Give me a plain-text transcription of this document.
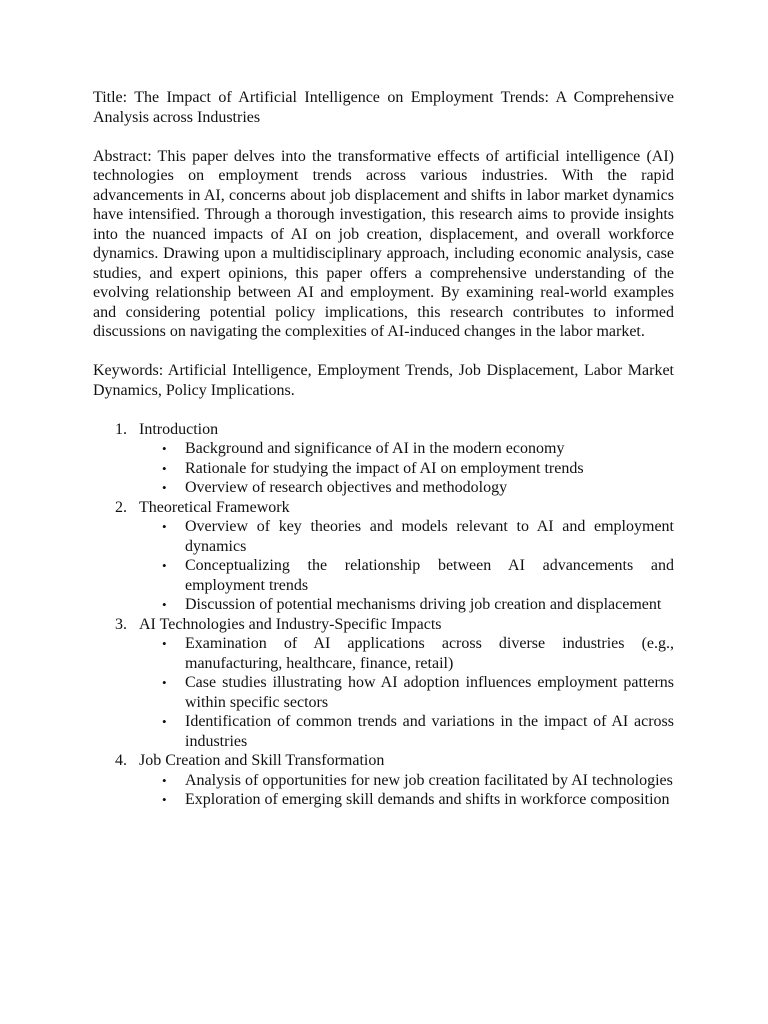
Title: The Impact of Artificial Intelligence on Employment Trends: A Comprehensive Analysis across Industries

Abstract: This paper delves into the transformative effects of artificial intelligence (AI) technologies on employment trends across various industries. With the rapid advancements in AI, concerns about job displacement and shifts in labor market dynamics have intensified. Through a thorough investigation, this research aims to provide insights into the nuanced impacts of AI on job creation, displacement, and overall workforce dynamics. Drawing upon a multidisciplinary approach, including economic analysis, case studies, and expert opinions, this paper offers a comprehensive understanding of the evolving relationship between AI and employment. By examining real-world examples and considering potential policy implications, this research contributes to informed discussions on navigating the complexities of AI-induced changes in the labor market.

Keywords: Artificial Intelligence, Employment Trends, Job Displacement, Labor Market Dynamics, Policy Implications.

1. Introduction
• Background and significance of AI in the modern economy
• Rationale for studying the impact of AI on employment trends
• Overview of research objectives and methodology
2. Theoretical Framework
• Overview of key theories and models relevant to AI and employment dynamics
• Conceptualizing the relationship between AI advancements and employment trends
• Discussion of potential mechanisms driving job creation and displacement
3. AI Technologies and Industry-Specific Impacts
• Examination of AI applications across diverse industries (e.g., manufacturing, healthcare, finance, retail)
• Case studies illustrating how AI adoption influences employment patterns within specific sectors
• Identification of common trends and variations in the impact of AI across industries
4. Job Creation and Skill Transformation
• Analysis of opportunities for new job creation facilitated by AI technologies
• Exploration of emerging skill demands and shifts in workforce composition
